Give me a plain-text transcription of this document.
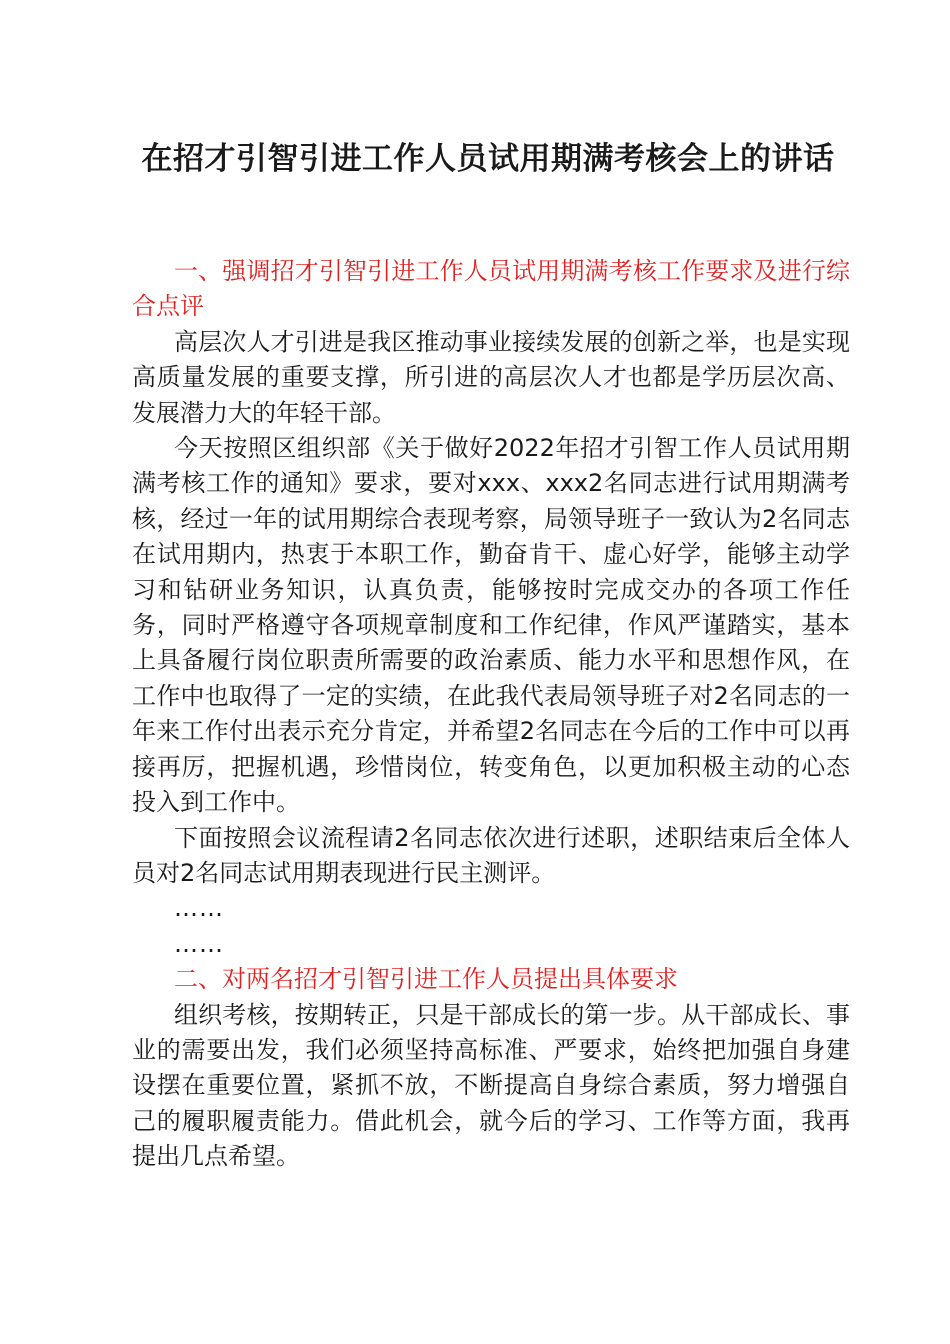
在招才引智引进工作人员试用期满考核会上的讲话

一、强调招才引智引进工作人员试用期满考核工作要求及进行综合点评

高层次人才引进是我区推动事业接续发展的创新之举，也是实现高质量发展的重要支撑，所引进的高层次人才也都是学历层次高、发展潜力大的年轻干部。

今天按照区组织部《关于做好2022年招才引智工作人员试用期满考核工作的通知》要求，要对xxx、xxx2名同志进行试用期满考核，经过一年的试用期综合表现考察，局领导班子一致认为2名同志在试用期内，热衷于本职工作，勤奋肯干、虚心好学，能够主动学习和钻研业务知识，认真负责，能够按时完成交办的各项工作任务，同时严格遵守各项规章制度和工作纪律，作风严谨踏实，基本上具备履行岗位职责所需要的政治素质、能力水平和思想作风，在工作中也取得了一定的实绩，在此我代表局领导班子对2名同志的一年来工作付出表示充分肯定，并希望2名同志在今后的工作中可以再接再厉，把握机遇，珍惜岗位，转变角色，以更加积极主动的心态投入到工作中。

下面按照会议流程请2名同志依次进行述职，述职结束后全体人员对2名同志试用期表现进行民主测评。

……

……

二、对两名招才引智引进工作人员提出具体要求

组织考核，按期转正，只是干部成长的第一步。从干部成长、事业的需要出发，我们必须坚持高标准、严要求，始终把加强自身建设摆在重要位置，紧抓不放，不断提高自身综合素质，努力增强自己的履职履责能力。借此机会，就今后的学习、工作等方面，我再提出几点希望。
